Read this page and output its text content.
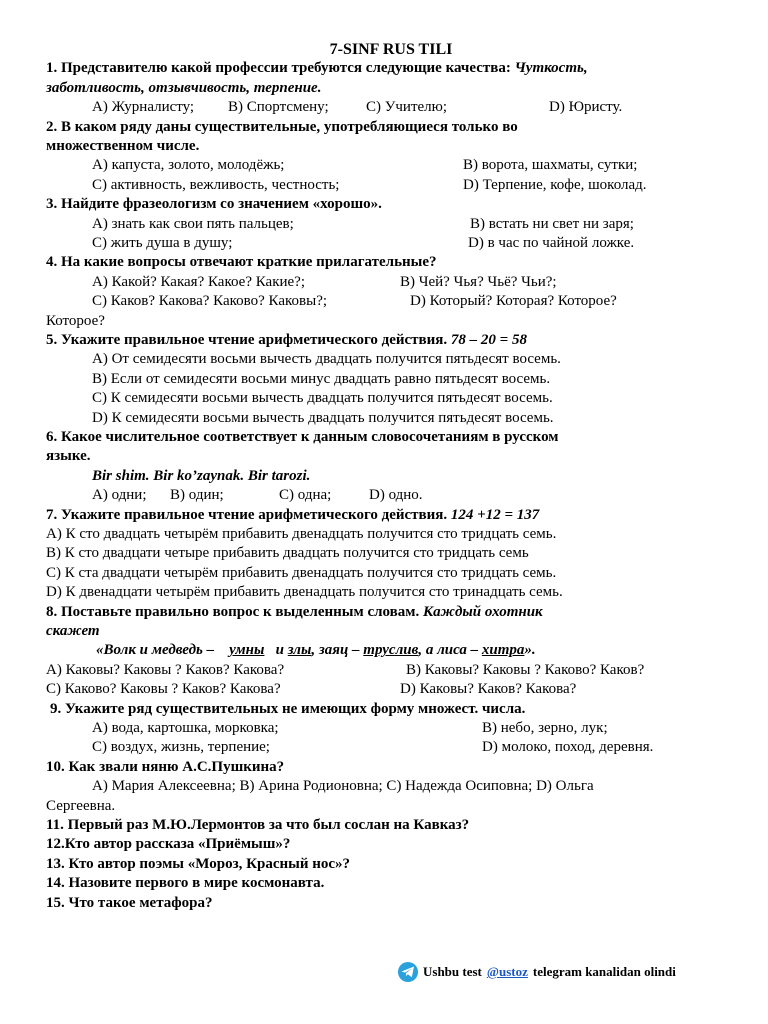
7-SINF RUS TILI
1. Представителю какой профессии требуются следующие качества: Чуткость,
заботливость, отзывчивость, терпение.
А) Журналисту; В) Спортсмену; С) Учителю;	D) Юристу.
2. В каком ряду даны существительные, употребляющиеся только во
множественном числе.
А) капуста, золото, молодёжь;	В) ворота, шахматы, сутки;
С) активность, вежливость, честность;	D) Терпение, кофе, шоколад.
3. Найдите фразеологизм со значением «хорошо».
А) знать как свои пять пальцев;	В) встать ни свет ни заря;
С) жить душа в душу;	D) в час по чайной ложке.
4. На какие вопросы отвечают краткие прилагательные?
А) Какой? Какая? Какое? Какие?;	В) Чей? Чья? Чьё? Чьи?;
С) Каков? Какова? Каково? Каковы?;	D) Который? Которая? Которое?
Которое?
5. Укажите правильное чтение арифметического действия. 78 – 20 = 58
А) От семидесяти восьми вычесть двадцать получится пятьдесят восемь.
В) Если от семидесяти восьми минус двадцать равно пятьдесят восемь.
С) К семидесяти восьми вычесть двадцать получится пятьдесят восемь.
D) К семидесяти восьми вычесть двадцать получится пятьдесят восемь.
6. Какое числительное соответствует к данным словосочетаниям в русском
языке.
Bir shim. Bir ko’zaynak. Bir tarozi.
А) одни; В) один;	С) одна;	D) одно.
7. Укажите правильное чтение арифметического действия. 124 +12 = 137
А) К сто двадцать четырём прибавить двенадцать получится сто тридцать семь.
В) К сто двадцати четыре прибавить двадцать получится сто тридцать семь
С) К ста двадцати четырём прибавить двенадцать получится сто тридцать семь.
D) К двенадцати четырём прибавить двенадцать получится сто тринадцать семь.
8. Поставьте правильно вопрос к выделенным словам. Каждый охотник
скажет
«Волк и медведь – умны и злы, заяц – труслив, а лиса – хитра».
А) Каковы? Каковы ? Каков? Какова?	В) Каковы? Каковы ? Каково? Каков?
С) Каково? Каковы ? Каков? Какова?	D) Каковы? Каков? Какова?
9. Укажите ряд существительных не имеющих форму множест. числа.
А) вода, картошка, морковка;	В) небо, зерно, лук;
С) воздух, жизнь, терпение;	D) молоко, поход, деревня.
10. Как звали няню А.С.Пушкина?
А) Мария Алексеевна; В) Арина Родионовна; С) Надежда Осиповна; D) Ольга
Сергеевна.
11. Первый раз М.Ю.Лермонтов за что был сослан на Кавказ?
12.Кто автор рассказа «Приёмыш»?
13. Кто автор поэмы «Мороз, Красный нос»?
14. Назовите первого в мире космонавта.
15. Что такое метафора?
Ushbu test @ustoz telegram kanalidan olindi
